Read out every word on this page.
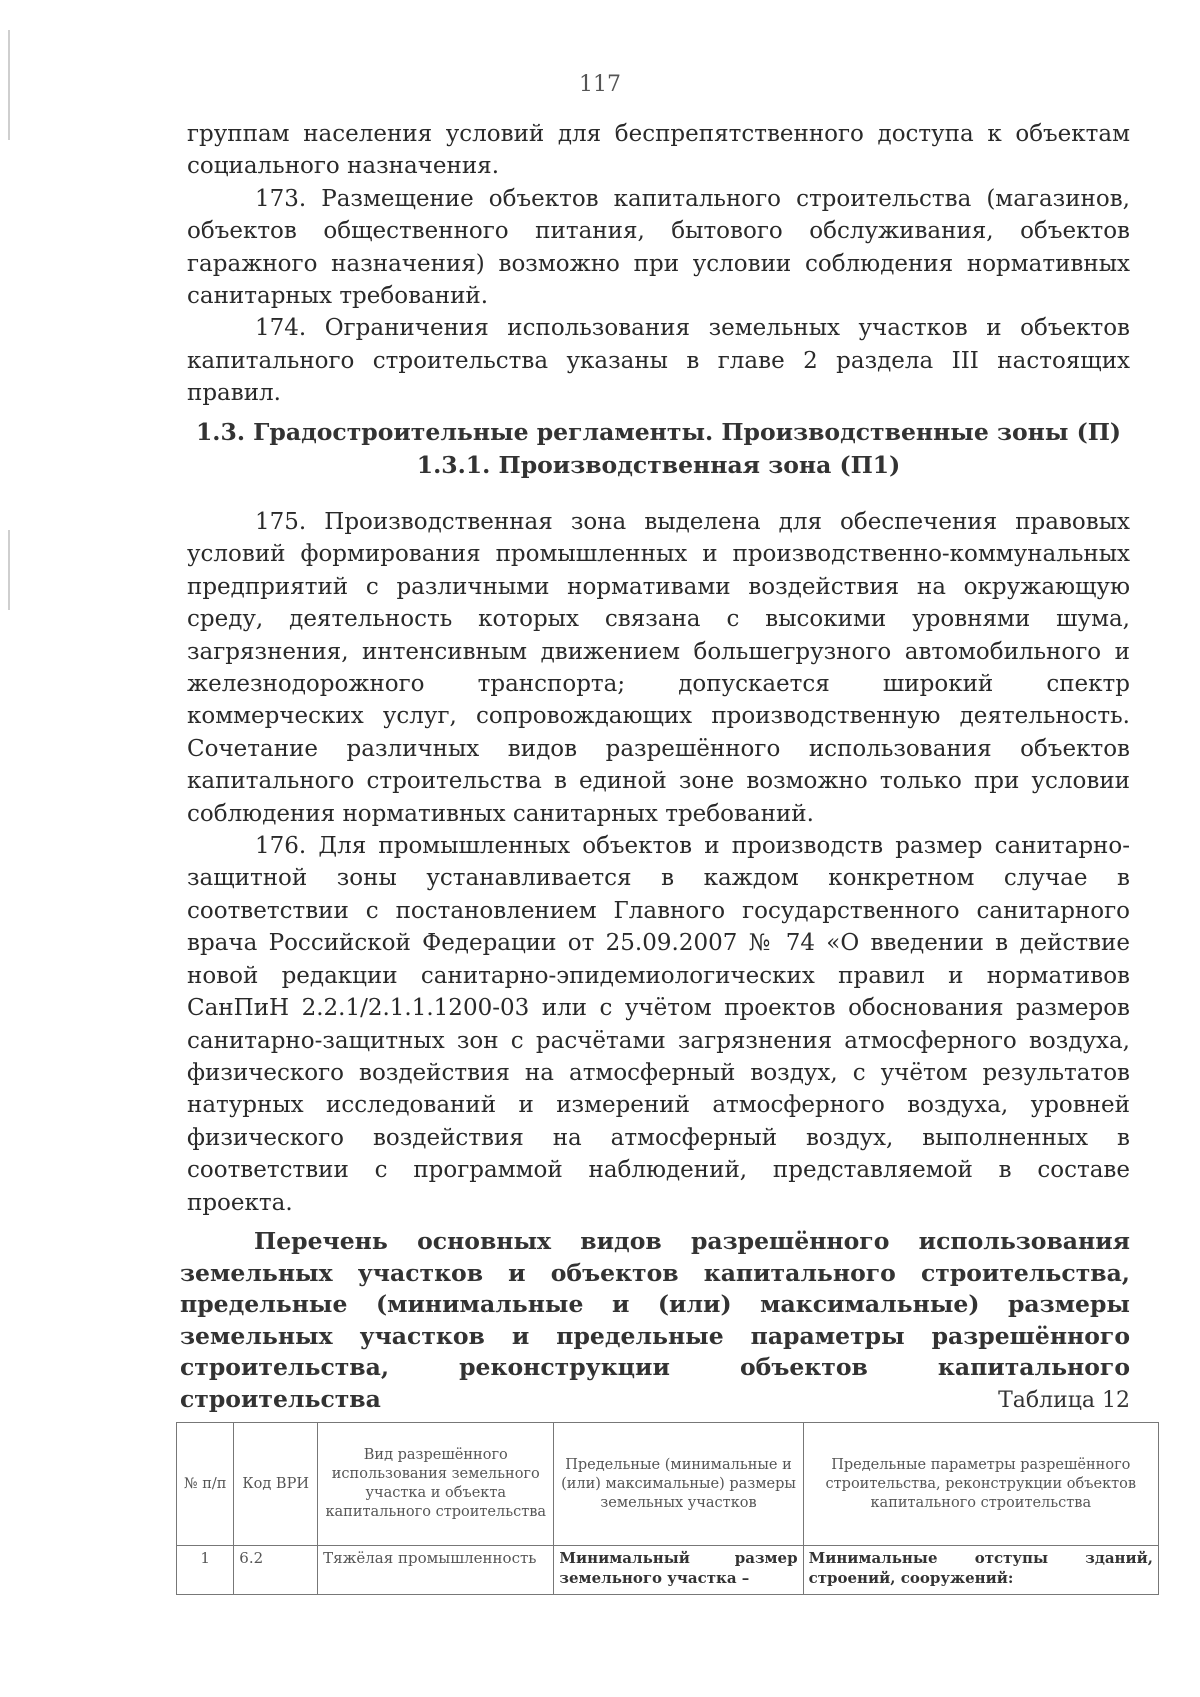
117

группам населения условий для беспрепятственного доступа к объектам социального назначения.

173. Размещение объектов капитального строительства (магазинов, объектов общественного питания, бытового обслуживания, объектов гаражного назначения) возможно при условии соблюдения нормативных санитарных требований.

174. Ограничения использования земельных участков и объектов капитального строительства указаны в главе 2 раздела III настоящих правил.

1.3. Градостроительные регламенты. Производственные зоны (П)
1.3.1. Производственная зона (П1)

175. Производственная зона выделена для обеспечения правовых условий формирования промышленных и производственно-коммунальных предприятий с различными нормативами воздействия на окружающую среду, деятельность которых связана с высокими уровнями шума, загрязнения, интенсивным движением большегрузного автомобильного и железнодорожного транспорта; допускается широкий спектр коммерческих услуг, сопровождающих производственную деятельность. Сочетание различных видов разрешённого использования объектов капитального строительства в единой зоне возможно только при условии соблюдения нормативных санитарных требований.

176. Для промышленных объектов и производств размер санитарно-защитной зоны устанавливается в каждом конкретном случае в соответствии с постановлением Главного государственного санитарного врача Российской Федерации от 25.09.2007 № 74 «О введении в действие новой редакции санитарно-эпидемиологических правил и нормативов СанПиН 2.2.1/2.1.1.1200-03 или с учётом проектов обоснования размеров санитарно-защитных зон с расчётами загрязнения атмосферного воздуха, физического воздействия на атмосферный воздух, с учётом результатов натурных исследований и измерений атмосферного воздуха, уровней физического воздействия на атмосферный воздух, выполненных в соответствии с программой наблюдений, представляемой в составе проекта.

Перечень основных видов разрешённого использования земельных участков и объектов капитального строительства, предельные (минимальные и (или) максимальные) размеры земельных участков и предельные параметры разрешённого строительства, реконструкции объектов капитального строительства	Таблица 12
№ п/п	Код ВРИ	Вид разрешённого использования земельного участка и объекта капитального строительства	Предельные (минимальные и (или) максимальные) размеры земельных участков	Предельные параметры разрешённого строительства, реконструкции объектов капитального строительства
1	6.2	Тяжёлая промышленность	Минимальный размер земельного участка –	Минимальные отступы зданий, строений, сооружений:
